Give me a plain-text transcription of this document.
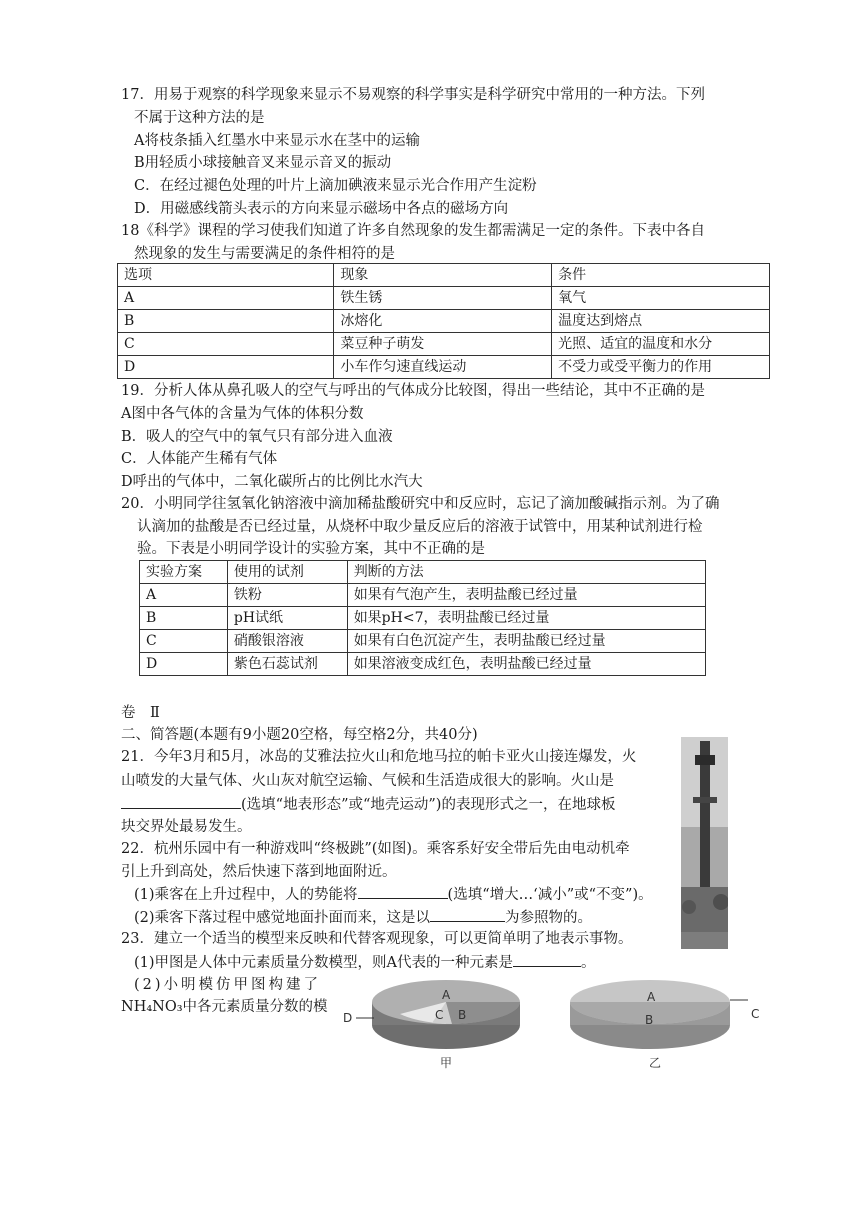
17．用易于观察的科学现象来显示不易观察的科学事实是科学研究中常用的一种方法。下列
不属于这种方法的是
A将枝条插入红墨水中来显示水在茎中的运输
B用轻质小球接触音叉来显示音叉的振动
C．在经过褪色处理的叶片上滴加碘液来显示光合作用产生淀粉
D．用磁感线箭头表示的方向来显示磁场中各点的磁场方向
18《科学》课程的学习使我们知道了许多自然现象的发生都需满足一定的条件。下表中各自
然现象的发生与需要满足的条件相符的是
选项	现象	条件
A	铁生锈	氧气
B	冰熔化	温度达到熔点
C	菜豆种子萌发	光照、适宜的温度和水分
D	小车作匀速直线运动	不受力或受平衡力的作用
19．分析人体从鼻孔吸人的空气与呼出的气体成分比较图，得出一些结论，其中不正确的是
A图中各气体的含量为气体的体积分数
B．吸人的空气中的氧气只有部分进入血液
C．人体能产生稀有气体
D呼出的气体中，二氧化碳所占的比例比水汽大
20．小明同学往氢氧化钠溶液中滴加稀盐酸研究中和反应时，忘记了滴加酸碱指示剂。为了确
认滴加的盐酸是否已经过量，从烧杯中取少量反应后的溶液于试管中，用某种试剂进行检
验。下表是小明同学设计的实验方案，其中不正确的是
实验方案	使用的试剂	判断的方法
A	铁粉	如果有气泡产生，表明盐酸已经过量
B	pH试纸	如果pH<7，表明盐酸已经过量
C	硝酸银溶液	如果有白色沉淀产生，表明盐酸已经过量
D	紫色石蕊试剂	如果溶液变成红色，表明盐酸已经过量
卷　Ⅱ
二、简答题(本题有9小题20空格，每空格2分，共40分)
21．今年3月和5月，冰岛的艾雅法拉火山和危地马拉的帕卡亚火山接连爆发，火
山喷发的大量气体、火山灰对航空运输、气候和生活造成很大的影响。火山是
(选填“地表形态”或“地壳运动”)的表现形式之一，在地球板
块交界处最易发生。
22．杭州乐园中有一种游戏叫“终极跳”(如图)。乘客系好安全带后先由电动机牵
引上升到高处，然后快速下落到地面附近。
(1)乘客在上升过程中，人的势能将	(选填“增大…‘减小”或“不变”)。
(2)乘客下落过程中感觉地面扑面而来，这是以	为参照物的。
23．建立一个适当的模型来反映和代替客观现象，可以更简单明了地表示事物。
(1)甲图是人体中元素质量分数模型，则A代表的一种元素是	。
(2)小明模仿甲图构建了
NH₄NO₃中各元素质量分数的模
D
A
C B
甲
A
B	C
乙
